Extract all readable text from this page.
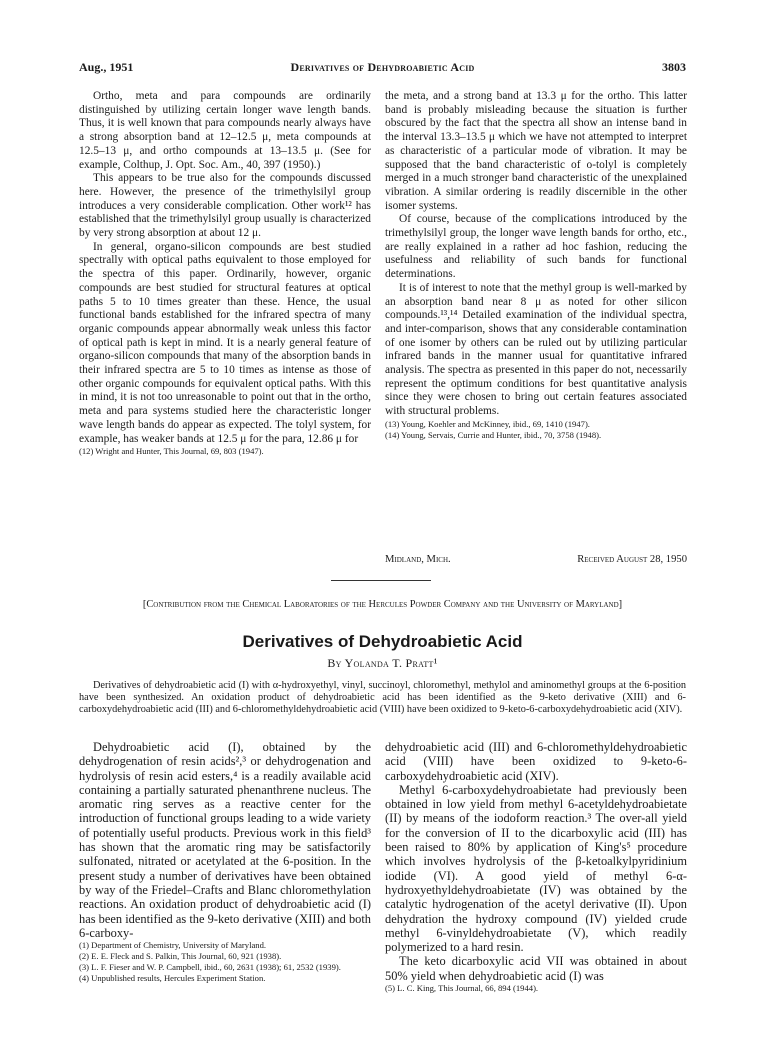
Aug., 1951	Derivatives of Dehydroabietic Acid	3803

Ortho, meta and para compounds are ordinarily distinguished by utilizing certain longer wave length bands. Thus, it is well known that para compounds nearly always have a strong absorption band at 12–12.5 μ, meta compounds at 12.5–13 μ, and ortho compounds at 13–13.5 μ. (See for example, Colthup, J. Opt. Soc. Am., 40, 397 (1950).)

This appears to be true also for the compounds discussed here. However, the presence of the trimethylsilyl group introduces a very considerable complication. Other work¹² has established that the trimethylsilyl group usually is characterized by very strong absorption at about 12 μ.

In general, organo-silicon compounds are best studied spectrally with optical paths equivalent to those employed for the spectra of this paper. Ordinarily, however, organic compounds are best studied for structural features at optical paths 5 to 10 times greater than these. Hence, the usual functional bands established for the infrared spectra of many organic compounds appear abnormally weak unless this factor of optical path is kept in mind. It is a nearly general feature of organo-silicon compounds that many of the absorption bands in their infrared spectra are 5 to 10 times as intense as those of other organic compounds for equivalent optical paths. With this in mind, it is not too unreasonable to point out that in the ortho, meta and para systems studied here the characteristic longer wave length bands do appear as expected. The tolyl system, for example, has weaker bands at 12.5 μ for the para, 12.86 μ for

(12) Wright and Hunter, This Journal, 69, 803 (1947).

the meta, and a strong band at 13.3 μ for the ortho. This latter band is probably misleading because the situation is further obscured by the fact that the spectra all show an intense band in the interval 13.3–13.5 μ which we have not attempted to interpret as characteristic of a particular mode of vibration. It may be supposed that the band characteristic of o-tolyl is completely merged in a much stronger band characteristic of the unexplained vibration. A similar ordering is readily discernible in the other isomer systems.

Of course, because of the complications introduced by the trimethylsilyl group, the longer wave length bands for ortho, etc., are really explained in a rather ad hoc fashion, reducing the usefulness and reliability of such bands for functional determinations.

It is of interest to note that the methyl group is well-marked by an absorption band near 8 μ as noted for other silicon compounds.¹³,¹⁴ Detailed examination of the individual spectra, and inter-comparison, shows that any considerable contamination of one isomer by others can be ruled out by utilizing particular infrared bands in the manner usual for quantitative infrared analysis. The spectra as presented in this paper do not, necessarily represent the optimum conditions for best quantitative analysis since they were chosen to bring out certain features associated with structural problems.

(13) Young, Koehler and McKinney, ibid., 69, 1410 (1947).

(14) Young, Servais, Currie and Hunter, ibid., 70, 3758 (1948).

Midland, Mich.	Received August 28, 1950
[Contribution from the Chemical Laboratories of the Hercules Powder Company and the University of Maryland]
Derivatives of Dehydroabietic Acid
By Yolanda T. Pratt¹

Derivatives of dehydroabietic acid (I) with α-hydroxyethyl, vinyl, succinoyl, chloromethyl, methylol and aminomethyl groups at the 6-position have been synthesized. An oxidation product of dehydroabietic acid has been identified as the 9-keto derivative (XIII) and 6-carboxydehydroabietic acid (III) and 6-chloromethyldehydroabietic acid (VIII) have been oxidized to 9-keto-6-carboxydehydroabietic acid (XIV).

Dehydroabietic acid (I), obtained by the dehydrogenation of resin acids²,³ or dehydrogenation and hydrolysis of resin acid esters,⁴ is a readily available acid containing a partially saturated phenanthrene nucleus. The aromatic ring serves as a reactive center for the introduction of functional groups leading to a wide variety of potentially useful products. Previous work in this field³ has shown that the aromatic ring may be satisfactorily sulfonated, nitrated or acetylated at the 6-position. In the present study a number of derivatives have been obtained by way of the Friedel–Crafts and Blanc chloromethylation reactions. An oxidation product of dehydroabietic acid (I) has been identified as the 9-keto derivative (XIII) and both 6-carboxy-

(1) Department of Chemistry, University of Maryland.

(2) E. E. Fleck and S. Palkin, This Journal, 60, 921 (1938).

(3) L. F. Fieser and W. P. Campbell, ibid., 60, 2631 (1938); 61, 2532 (1939).

(4) Unpublished results, Hercules Experiment Station.

dehydroabietic acid (III) and 6-chloromethyldehydroabietic acid (VIII) have been oxidized to 9-keto-6-carboxydehydroabietic acid (XIV).

Methyl 6-carboxydehydroabietate had previously been obtained in low yield from methyl 6-acetyldehydroabietate (II) by means of the iodoform reaction.³ The over-all yield for the conversion of II to the dicarboxylic acid (III) has been raised to 80% by application of King's⁵ procedure which involves hydrolysis of the β-ketoalkylpyridinium iodide (VI). A good yield of methyl 6-α-hydroxyethyldehydroabietate (IV) was obtained by the catalytic hydrogenation of the acetyl derivative (II). Upon dehydration the hydroxy compound (IV) yielded crude methyl 6-vinyldehydroabietate (V), which readily polymerized to a hard resin.

The keto dicarboxylic acid VII was obtained in about 50% yield when dehydroabietic acid (I) was

(5) L. C. King, This Journal, 66, 894 (1944).
